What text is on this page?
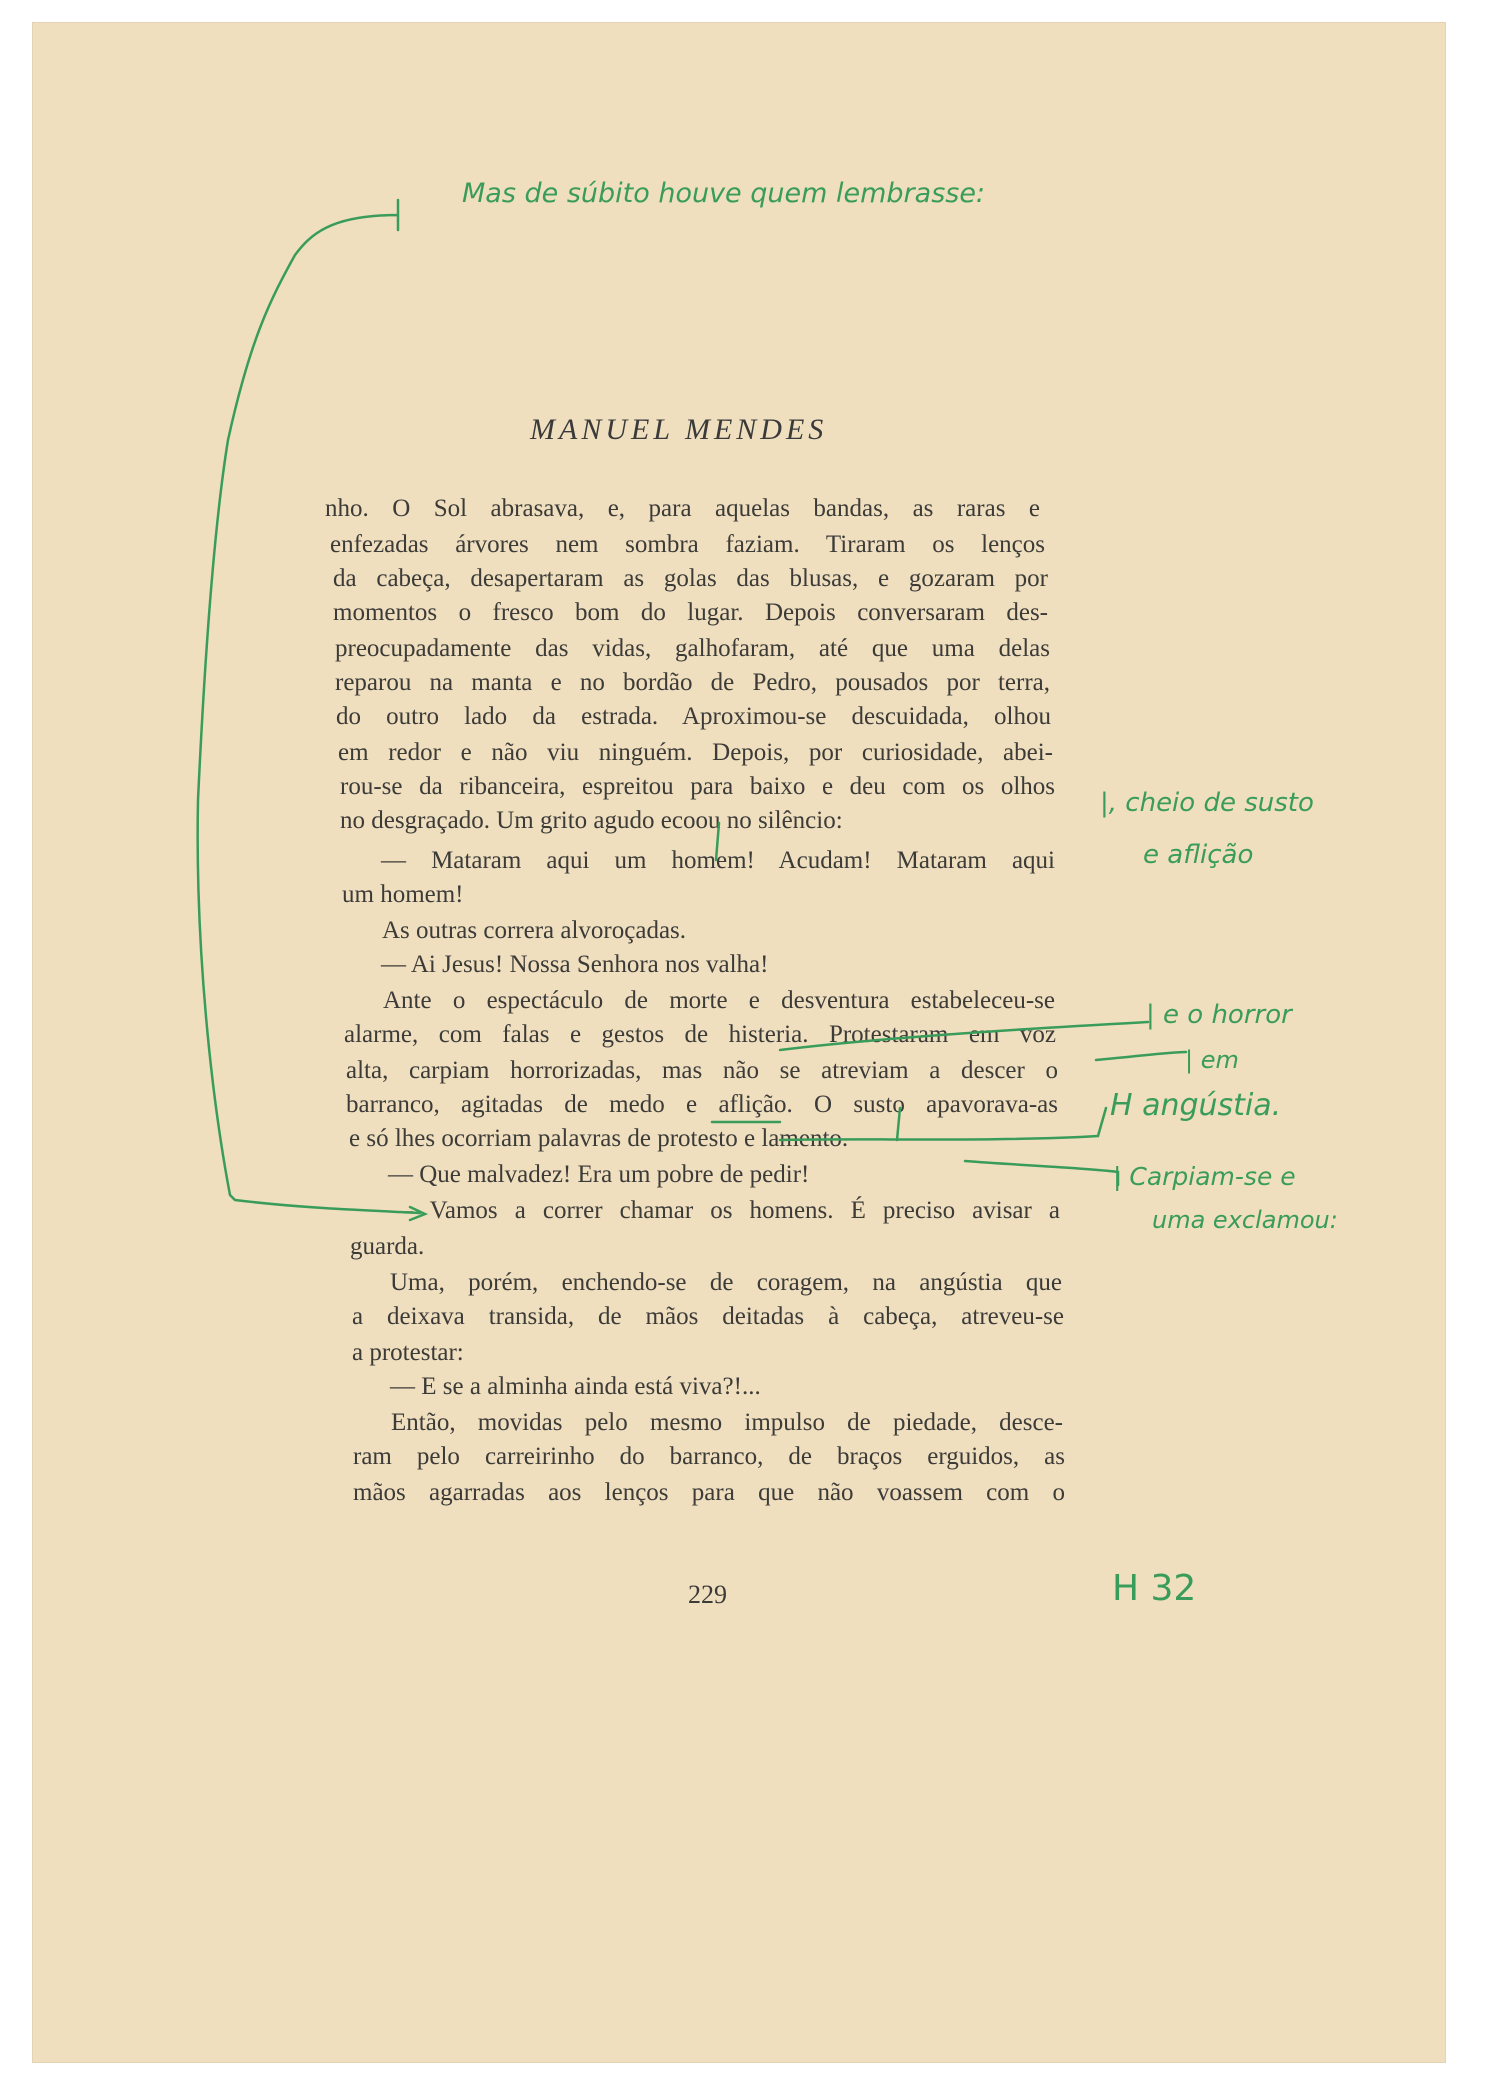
MANUEL MENDES
nho. O Sol abrasava, e, para aquelas bandas, as raras e
enfezadas árvores nem sombra faziam. Tiraram os lenços
da cabeça, desapertaram as golas das blusas, e gozaram por
momentos o fresco bom do lugar. Depois conversaram des-
preocupadamente das vidas, galhofaram, até que uma delas
reparou na manta e no bordão de Pedro, pousados por terra,
do outro lado da estrada. Aproximou-se descuidada, olhou
em redor e não viu ninguém. Depois, por curiosidade, abei-
rou-se da ribanceira, espreitou para baixo e deu com os olhos
no desgraçado. Um grito agudo ecoou no silêncio:
— Mataram aqui um homem! Acudam! Mataram aqui
um homem!
As outras correra alvoroçadas.
— Ai Jesus! Nossa Senhora nos valha!
Ante o espectáculo de morte e desventura estabeleceu-se
alarme, com falas e gestos de histeria. Protestaram em voz
alta, carpiam horrorizadas, mas não se atreviam a descer o
barranco, agitadas de medo e aflição. O susto apavorava-as
e só lhes ocorriam palavras de protesto e lamento.
— Que malvadez! Era um pobre de pedir!
— Vamos a correr chamar os homens. É preciso avisar a
guarda.
Uma, porém, enchendo-se de coragem, na angústia que
a deixava transida, de mãos deitadas à cabeça, atreveu-se
a protestar:
— E se a alminha ainda está viva?!...
Então, movidas pelo mesmo impulso de piedade, desce-
ram pelo carreirinho do barranco, de braços erguidos, as
mãos agarradas aos lenços para que não voassem com o
229
Mas de súbito houve quem lembrasse:
|, cheio de susto
e aflição
| e o horror
| em
H angústia.
| Carpiam-se e
uma exclamou:
H 32
